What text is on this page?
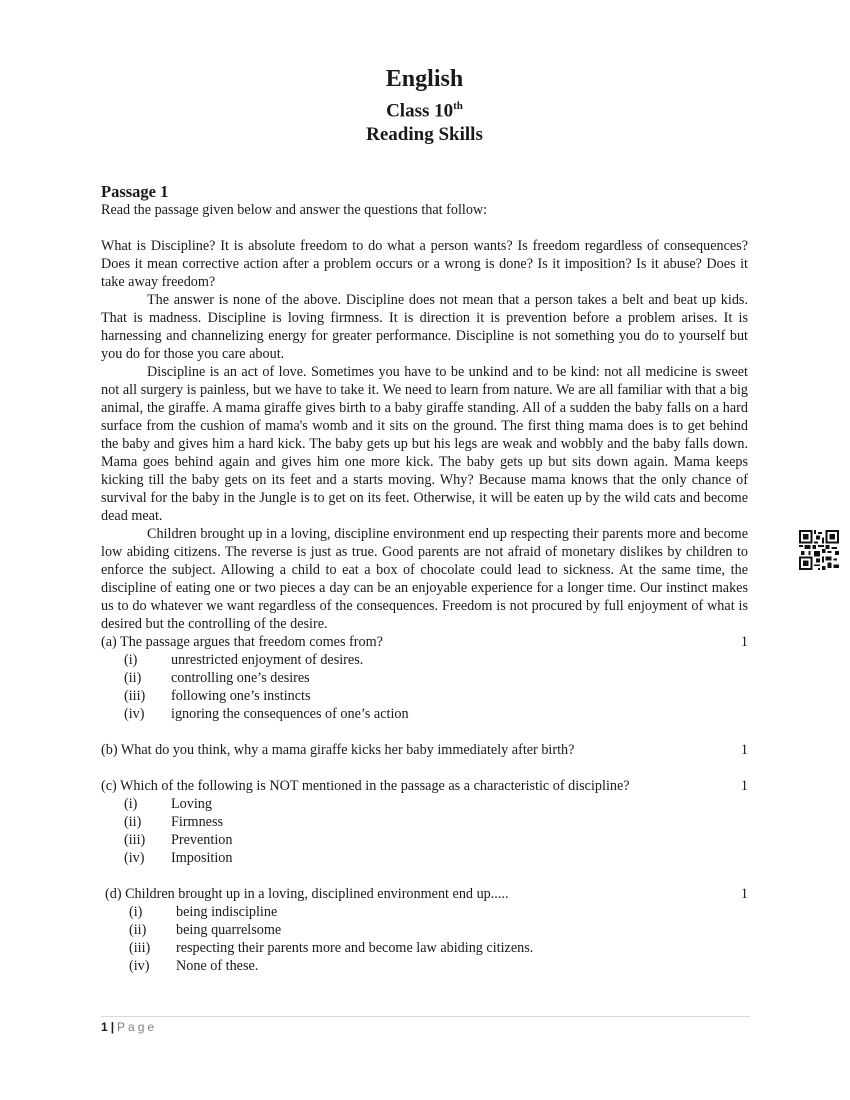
English
Class 10th
Reading Skills
Passage 1

Read the passage given below and answer the questions that follow:

What is Discipline? It is absolute freedom to do what a person wants? Is freedom regardless of consequences? Does it mean corrective action after a problem occurs or a wrong is done? Is it imposition? Is it abuse? Does it take away freedom?

The answer is none of the above. Discipline does not mean that a person takes a belt and beat up kids. That is madness. Discipline is loving firmness. It is direction it is prevention before a problem arises. It is harnessing and channelizing energy for greater performance. Discipline is not something you do to yourself but you do for those you care about.

Discipline is an act of love. Sometimes you have to be unkind and to be kind: not all medicine is sweet not all surgery is painless, but we have to take it. We need to learn from nature. We are all familiar with that a big animal, the giraffe. A mama giraffe gives birth to a baby giraffe standing. All of a sudden the baby falls on a hard surface from the cushion of mama's womb and it sits on the ground. The first thing mama does is to get behind the baby and gives him a hard kick. The baby gets up but his legs are weak and wobbly and the baby falls down. Mama goes behind again and gives him one more kick. The baby gets up but sits down again. Mama keeps kicking till the baby gets on its feet and a starts moving. Why? Because mama knows that the only chance of survival for the baby in the Jungle is to get on its feet. Otherwise, it will be eaten up by the wild cats and become dead meat.

Children brought up in a loving, discipline environment end up respecting their parents more and become low abiding citizens. The reverse is just as true. Good parents are not afraid of monetary dislikes by children to enforce the subject. Allowing a child to eat a box of chocolate could lead to sickness. At the same time, the discipline of eating one or two pieces a day can be an enjoyable experience for a longer time. Our instinct makes us to do whatever we want regardless of the consequences. Freedom is not procured by full enjoyment of what is desired but the controlling of the desire.

(a) The passage argues that freedom comes from?	1
(i)	unrestricted enjoyment of desires.
(ii)	controlling one’s desires
(iii)	following one’s instincts
(iv)	ignoring the consequences of one’s action
(b) What do you think, why a mama giraffe kicks her baby immediately after birth?	1
(c) Which of the following is NOT mentioned in the passage as a characteristic of discipline?	1
(i)	Loving
(ii)	Firmness
(iii)	Prevention
(iv)	Imposition
(d) Children brought up in a loving, disciplined environment end up.....	1
(i)	being indiscipline
(ii)	being quarrelsome
(iii)	respecting their parents more and become law abiding citizens.
(iv)	None of these.
1 | Page
